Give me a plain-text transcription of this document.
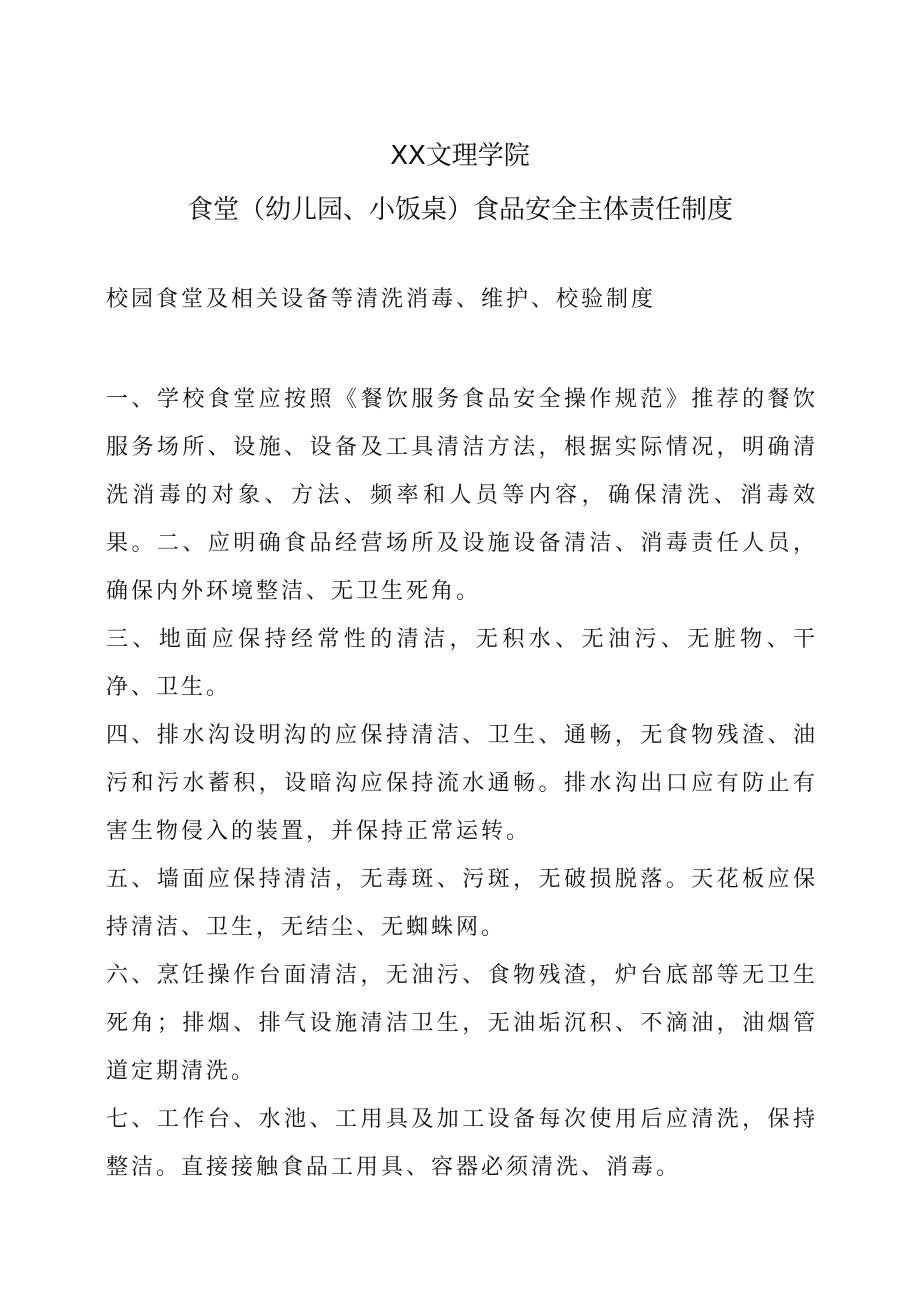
XX文理学院
食堂（幼儿园、小饭桌）食品安全主体责任制度
校园食堂及相关设备等清洗消毒、维护、校验制度

一、学校食堂应按照《餐饮服务食品安全操作规范》推荐的餐饮服务场所、设施、设备及工具清洁方法，根据实际情况，明确清洗消毒的对象、方法、频率和人员等内容，确保清洗、消毒效果。二、应明确食品经营场所及设施设备清洁、消毒责任人员，确保内外环境整洁、无卫生死角。

三、地面应保持经常性的清洁，无积水、无油污、无脏物、干净、卫生。

四、排水沟设明沟的应保持清洁、卫生、通畅，无食物残渣、油污和污水蓄积，设暗沟应保持流水通畅。排水沟出口应有防止有害生物侵入的装置，并保持正常运转。

五、墙面应保持清洁，无毒斑、污斑，无破损脱落。天花板应保持清洁、卫生，无结尘、无蜘蛛网。

六、烹饪操作台面清洁，无油污、食物残渣，炉台底部等无卫生死角；排烟、排气设施清洁卫生，无油垢沉积、不滴油，油烟管道定期清洗。

七、工作台、水池、工用具及加工设备每次使用后应清洗，保持整洁。直接接触食品工用具、容器必须清洗、消毒。
